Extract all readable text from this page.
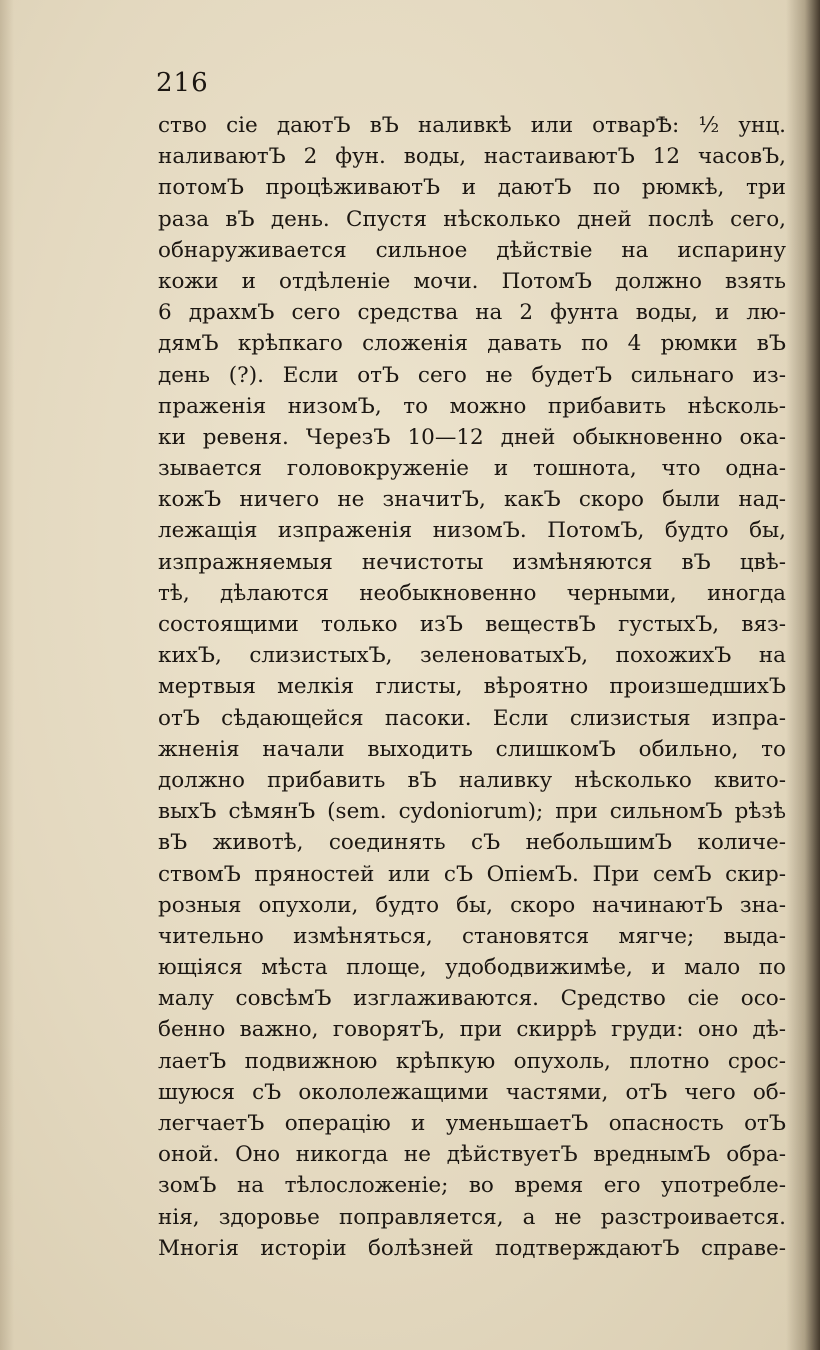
216
ство сіе даютЪ вЪ наливкѣ или отварѢ: ½ унц.
наливаютЪ 2 фун. воды, настаиваютЪ 12 часовЪ,
потомЪ процѣживаютЪ и даютЪ по рюмкѣ, три
раза вЪ день. Спустя нѣсколько дней послѣ сего,
обнаруживается сильное дѣйствіе на испарину
кожи и отдѣленіе мочи. ПотомЪ должно взять
6 драхмЪ сего средства на 2 фунта воды, и лю-
дямЪ крѣпкаго сложенія давать по 4 рюмки вЪ
день (?). Если отЪ сего не будетЪ сильнаго из-
праженія низомЪ, то можно прибавить нѣсколь-
ки ревеня. ЧерезЪ 10—12 дней обыкновенно ока-
зывается головокруженіе и тошнота, что одна-
кожЪ ничего не значитЪ, какЪ скоро были над-
лежащія изпраженія низомЪ. ПотомЪ, будто бы,
изпражняемыя нечистоты измѣняются вЪ цвѣ-
тѣ, дѣлаются необыкновенно черными, иногда
состоящими только изЪ веществЪ густыхЪ, вяз-
кихЪ, слизистыхЪ, зеленоватыхЪ, похожихЪ на
мертвыя мелкія глисты, вѣроятно произшедшихЪ
отЪ сѣдающейся пасоки. Если слизистыя изпра-
жненія начали выходить слишкомЪ обильно, то
должно прибавить вЪ наливку нѣсколько квито-
выхЪ сѣмянЪ (sem. cydoniorum); при сильномЪ рѣзѣ
вЪ животѣ, соединять сЪ небольшимЪ количе-
ствомЪ пряностей или сЪ ОпіемЪ. При семЪ скир-
розныя опухоли, будто бы, скоро начинаютЪ зна-
чительно измѣняться, становятся мягче; выда-
ющіяся мѣста площе, удободвижимѣе, и мало по
малу совсѣмЪ изглаживаются. Средство сіе осо-
бенно важно, говорятЪ, при скиррѣ груди: оно дѣ-
лаетЪ подвижною крѣпкую опухоль, плотно срос-
шуюся сЪ окололежащими частями, отЪ чего об-
легчаетЪ операцію и уменьшаетЪ опасность отЪ
оной. Оно никогда не дѣйствуетЪ вреднымЪ обра-
зомЪ на тѣлосложеніе; во время его употребле-
нія, здоровье поправляется, а не разстроивается.
Многія исторіи болѣзней подтверждаютЪ справе-
